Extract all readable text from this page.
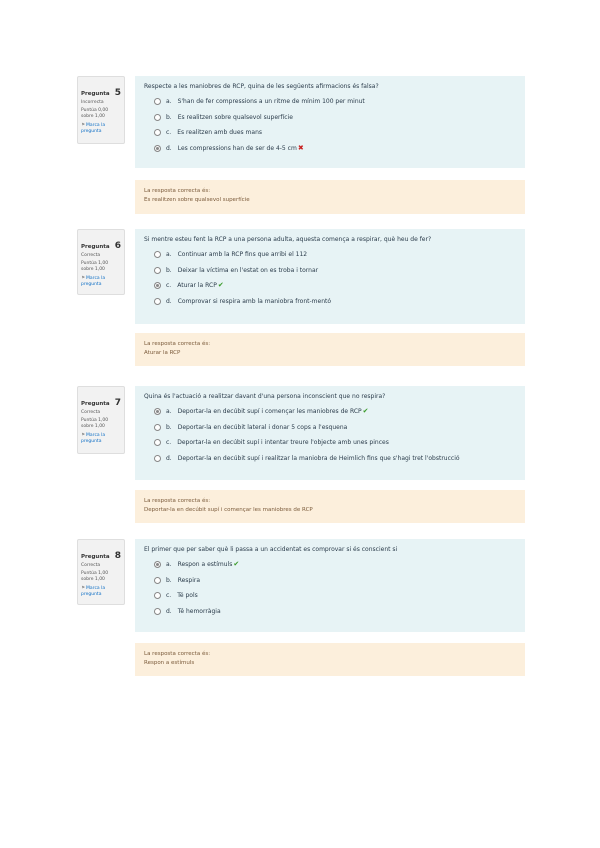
Pregunta 5
Incorrecta
Puntúa 0,00 sobre 1,00
⚑Marca la pregunta
Respecte a les maniobres de RCP, quina de les següents afirmacions és falsa?
a. S'han de fer compressions a un ritme de mínim 100 per minut
b. Es realitzen sobre qualsevol superfície
c. Es realitzen amb dues mans
d. Les compressions han de ser de 4-5 cm✖
La resposta correcta és:
Es realitzen sobre qualsevol superfície
Pregunta 6
Correcta
Puntúa 1,00 sobre 1,00
⚑Marca la pregunta
Si mentre esteu fent la RCP a una persona adulta, aquesta comença a respirar, què heu de fer?
a. Continuar amb la RCP fins que arribi el 112
b. Deixar la víctima en l'estat on es troba i tornar
c. Aturar la RCP✔
d. Comprovar si respira amb la maniobra front-mentó
La resposta correcta és:
Aturar la RCP
Pregunta 7
Correcta
Puntúa 1,00 sobre 1,00
⚑Marca la pregunta
Quina és l'actuació a realitzar davant d'una persona inconscient que no respira?
a. Deportar-la en decúbit supí i començar les maniobres de RCP✔
b. Deportar-la en decúbit lateral i donar 5 cops a l'esquena
c. Deportar-la en decúbit supí i intentar treure l'objecte amb unes pinces
d. Deportar-la en decúbit supí i realitzar la maniobra de Heimlich fins que s'hagi tret l'obstrucció
La resposta correcta és:
Deportar-la en decúbit supí i començar les maniobres de RCP
Pregunta 8
Correcta
Puntúa 1,00 sobre 1,00
⚑Marca la pregunta
El primer que per saber què li passa a un accidentat es comprovar si és conscient si
a. Respon a estímuls✔
b. Respira
c. Té pols
d. Té hemorràgia
La resposta correcta és:
Respon a estímuls
